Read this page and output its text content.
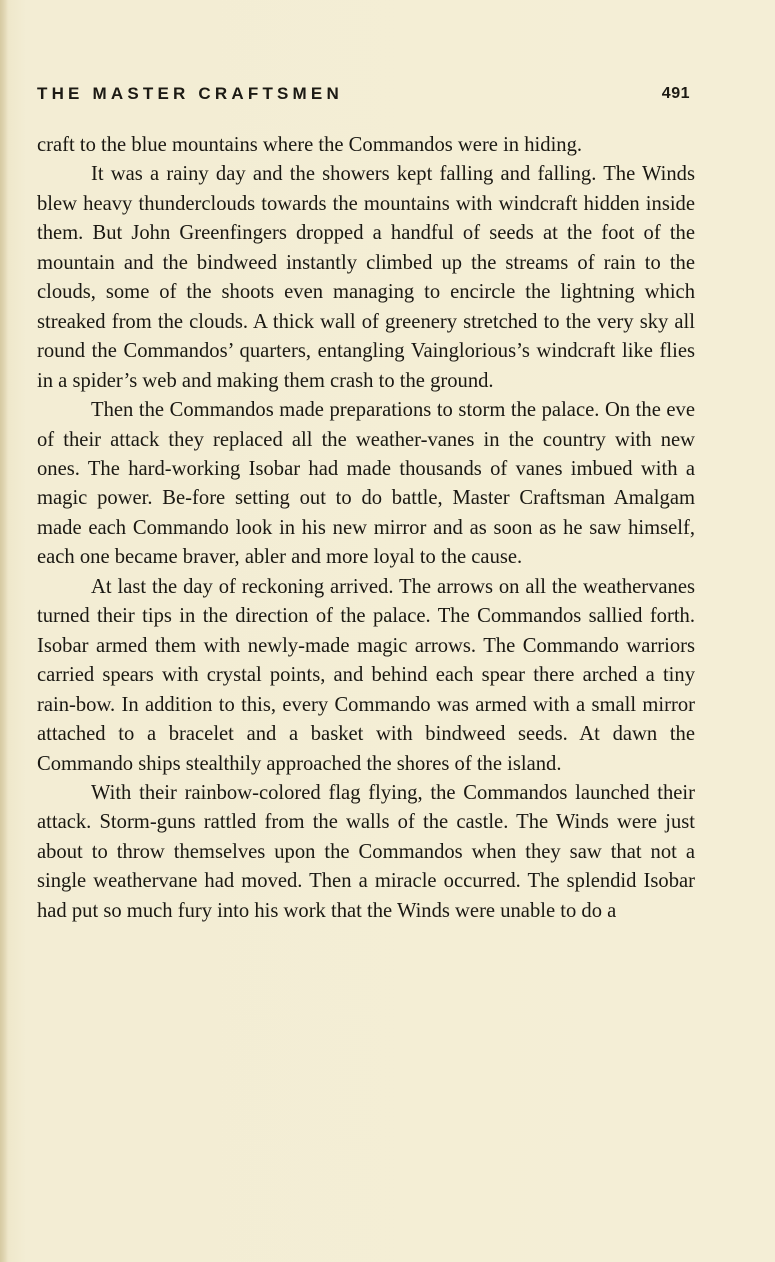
THE MASTER CRAFTSMEN	491

craft to the blue mountains where the Commandos were in hiding.

It was a rainy day and the showers kept falling and falling. The Winds blew heavy thunderclouds towards the mountains with windcraft hidden inside them. But John Greenfingers dropped a handful of seeds at the foot of the mountain and the bindweed instantly climbed up the streams of rain to the clouds, some of the shoots even managing to encircle the lightning which streaked from the clouds. A thick wall of greenery stretched to the very sky all round the Commandos’ quarters, entangling Vainglorious’s windcraft like flies in a spider’s web and making them crash to the ground.

Then the Commandos made preparations to storm the palace. On the eve of their attack they replaced all the weather-vanes in the country with new ones. The hard-working Isobar had made thousands of vanes imbued with a magic power. Be-fore setting out to do battle, Master Craftsman Amalgam made each Commando look in his new mirror and as soon as he saw himself, each one became braver, abler and more loyal to the cause.

At last the day of reckoning arrived. The arrows on all the weathervanes turned their tips in the direction of the palace. The Commandos sallied forth. Isobar armed them with newly-made magic arrows. The Commando warriors carried spears with crystal points, and behind each spear there arched a tiny rain-bow. In addition to this, every Commando was armed with a small mirror attached to a bracelet and a basket with bindweed seeds. At dawn the Commando ships stealthily approached the shores of the island.

With their rainbow-colored flag flying, the Commandos launched their attack. Storm-guns rattled from the walls of the castle. The Winds were just about to throw themselves upon the Commandos when they saw that not a single weathervane had moved. Then a miracle occurred. The splendid Isobar had put so much fury into his work that the Winds were unable to do a
